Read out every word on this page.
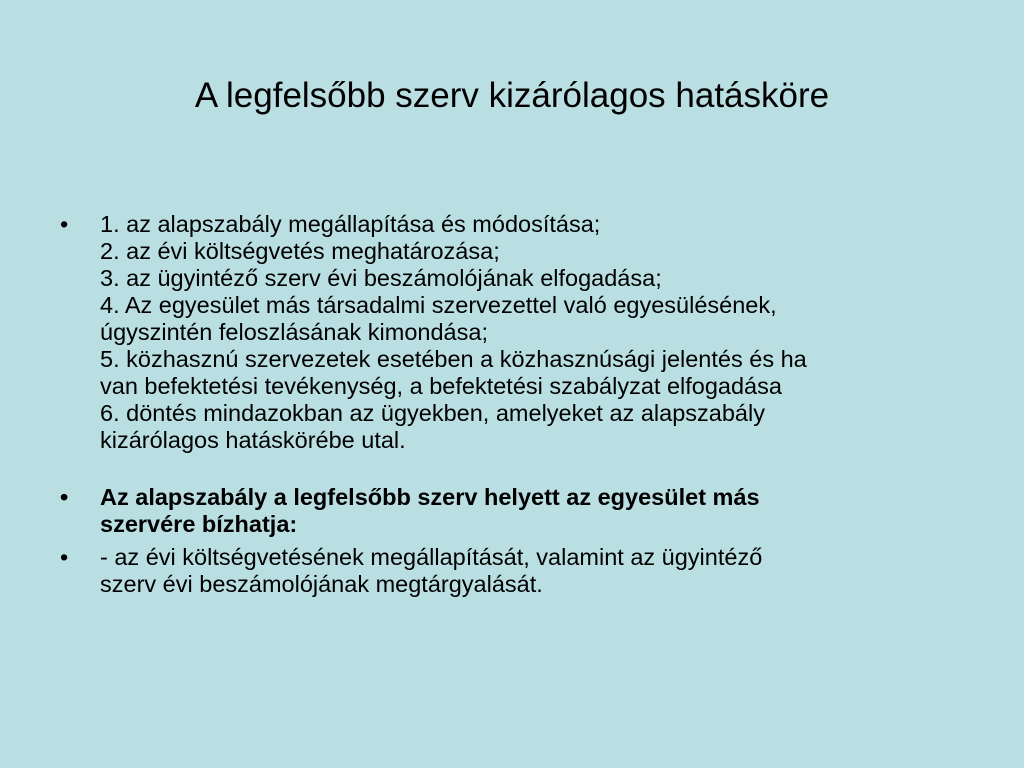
A legfelsőbb szerv kizárólagos hatásköre
•	1. az alapszabály megállapítása és módosítása;
2. az évi költségvetés meghatározása;
3. az ügyintéző szerv évi beszámolójának elfogadása;
4. Az egyesület más társadalmi szervezettel való egyesülésének,
úgyszintén feloszlásának kimondása;
5. közhasznú szervezetek esetében a közhasznúsági jelentés és ha
van befektetési tevékenység, a befektetési szabályzat elfogadása
6. döntés mindazokban az ügyekben, amelyeket az alapszabály
kizárólagos hatáskörébe utal.
•	Az alapszabály a legfelsőbb szerv helyett az egyesület más
szervére bízhatja:
•	- az évi költségvetésének megállapítását, valamint az ügyintéző
szerv évi beszámolójának megtárgyalását.
